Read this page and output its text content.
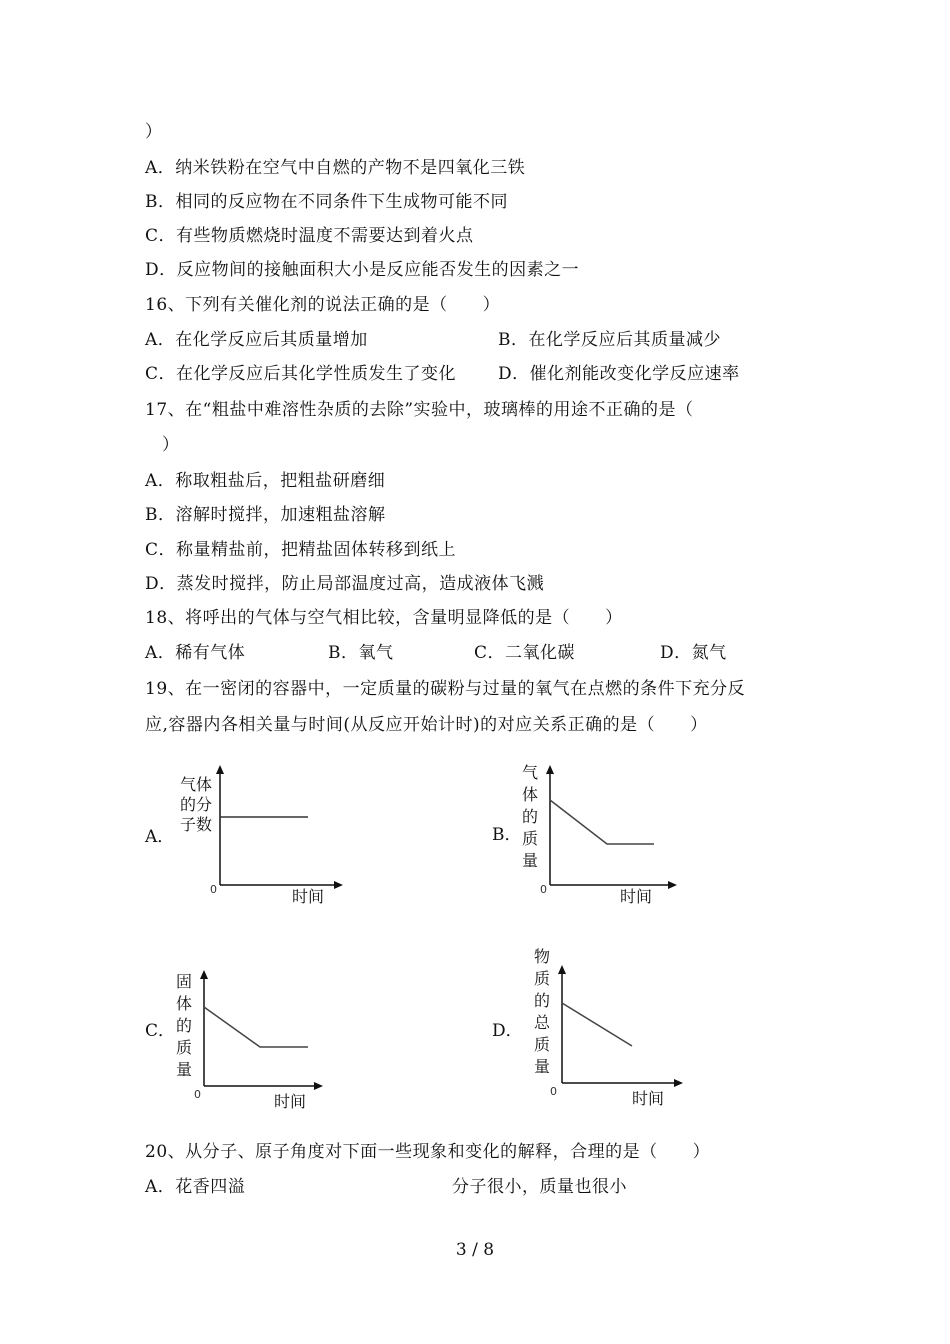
）
A．纳米铁粉在空气中自燃的产物不是四氧化三铁
B．相同的反应物在不同条件下生成物可能不同
C．有些物质燃烧时温度不需要达到着火点
D．反应物间的接触面积大小是反应能否发生的因素之一
16、下列有关催化剂的说法正确的是（　　）
A．在化学反应后其质量增加	B．在化学反应后其质量减少
C．在化学反应后其化学性质发生了变化 D．催化剂能改变化学反应速率
17、在“粗盐中难溶性杂质的去除”实验中，玻璃棒的用途不正确的是（
）
A．称取粗盐后，把粗盐研磨细
B．溶解时搅拌，加速粗盐溶解
C．称量精盐前，把精盐固体转移到纸上
D．蒸发时搅拌，防止局部温度过高，造成液体飞溅
18、将呼出的气体与空气相比较，含量明显降低的是（　　）
A．稀有气体	B．氧气	C．二氧化碳	D．氮气
19、在一密闭的容器中，一定质量的碳粉与过量的氧气在点燃的条件下充分反
应,容器内各相关量与时间(从反应开始计时)的对应关系正确的是（　　）
A．
气体
的分
子数
0	时间
B．
气
体
的
质
量
0	时间
C．
固
体
的
质
量
0	时间
D．
物
质
的
总
质
量
0	时间
20、从分子、原子角度对下面一些现象和变化的解释，合理的是（　　）
A．花香四溢	分子很小，质量也很小
3 / 8
